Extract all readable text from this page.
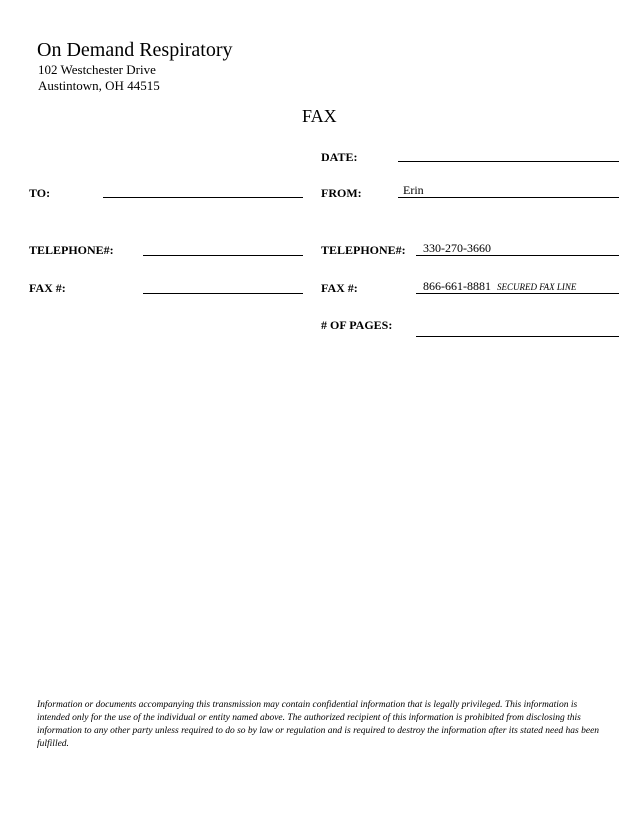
On Demand Respiratory
102 Westchester Drive
Austintown, OH 44515
FAX
DATE:
TO:	FROM:	Erin
TELEPHONE#:	TELEPHONE#: 330-270-3660
FAX #:	FAX #:	866-661-8881 SECURED FAX LINE
# OF PAGES:
Information or documents accompanying this transmission may contain confidential information that is legally privileged. This information is intended only for the use of the individual or entity named above. The authorized recipient of this information is prohibited from disclosing this information to any other party unless required to do so by law or regulation and is required to destroy the information after its stated need has been fulfilled.
